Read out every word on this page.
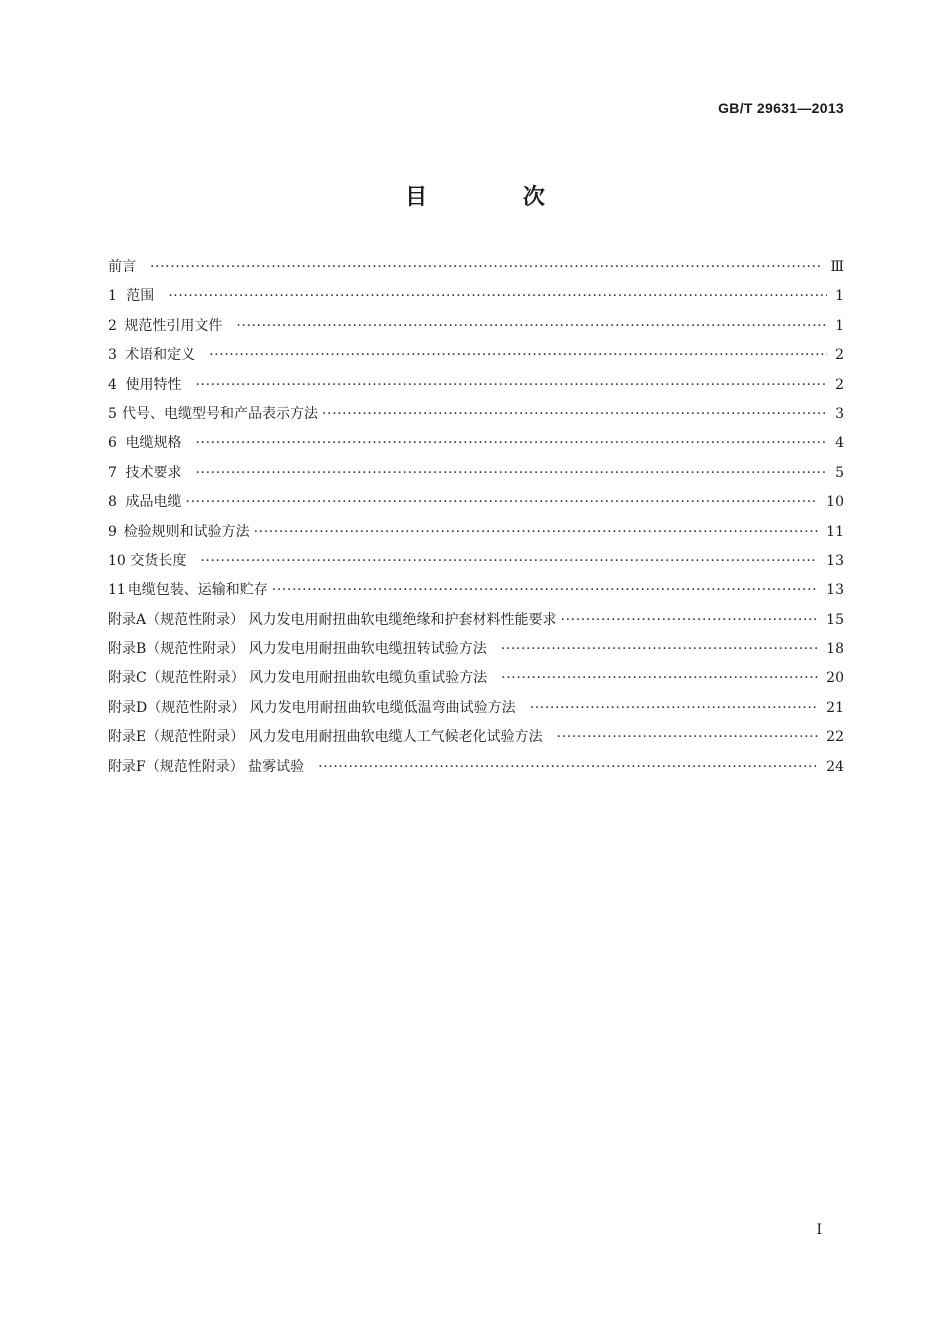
GB/T 29631—2013
目 次
前言 ·····	Ⅲ
1 范围 ·····	1
2 规范性引用文件 ·····	1
3 术语和定义 ·····	2
4 使用特性 ·····	2
5 代号、电缆型号和产品表示方法 ·····	3
6 电缆规格 ·····	4
7 技术要求 ·····	5
8 成品电缆 ·····	10
9 检验规则和试验方法 ·····	11
10 交货长度 ·····	13
11 电缆包装、运输和贮存 ·····	13
附录A（规范性附录） 风力发电用耐扭曲软电缆绝缘和护套材料性能要求 ·····	15
附录B（规范性附录） 风力发电用耐扭曲软电缆扭转试验方法 ·····	18
附录C（规范性附录） 风力发电用耐扭曲软电缆负重试验方法 ·····	20
附录D（规范性附录） 风力发电用耐扭曲软电缆低温弯曲试验方法 ·····	21
附录E（规范性附录） 风力发电用耐扭曲软电缆人工气候老化试验方法 ·····	22
附录F（规范性附录） 盐雾试验 ·····	24
Ⅰ
